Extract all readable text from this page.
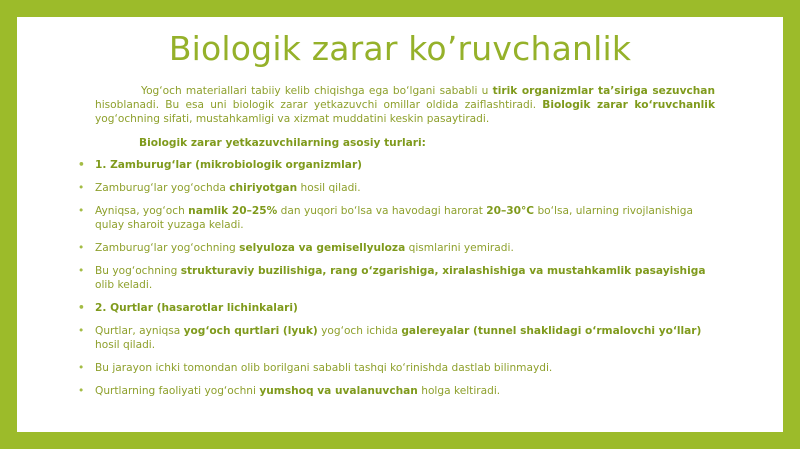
Biologik zarar ko’ruvchanlik

Yog‘och materiallari tabiiy kelib chiqishga ega bo‘lgani sababli u tirik organizmlar ta’siriga sezuvchan hisoblanadi. Bu esa uni biologik zarar yetkazuvchi omillar oldida zaiflashtiradi. Biologik zarar ko‘ruvchanlik yog‘ochning sifati, mustahkamligi va xizmat muddatini keskin pasaytiradi.

Biologik zarar yetkazuvchilarning asosiy turlari:
• 1. Zamburug‘lar (mikrobiologik organizmlar)
• Zamburug‘lar yog‘ochda chiriyotgan hosil qiladi.
• Ayniqsa, yog‘och namlik 20–25% dan yuqori bo‘lsa va havodagi harorat 20–30°C bo‘lsa, ularning rivojlanishiga qulay sharoit yuzaga keladi.
• Zamburug‘lar yog‘ochning selyuloza va gemisellyuloza qismlarini yemiradi.
• Bu yog‘ochning strukturaviy buzilishiga, rang o‘zgarishiga, xiralashishiga va mustahkamlik pasayishiga olib keladi.
• 2. Qurtlar (hasarotlar lichinkalari)
• Qurtlar, ayniqsa yog‘och qurtlari (lyuk) yog‘och ichida galereyalar (tunnel shaklidagi o‘rmalovchi yo‘llar) hosil qiladi.
• Bu jarayon ichki tomondan olib borilgani sababli tashqi ko‘rinishda dastlab bilinmaydi.
• Qurtlarning faoliyati yog‘ochni yumshoq va uvalanuvchan holga keltiradi.
